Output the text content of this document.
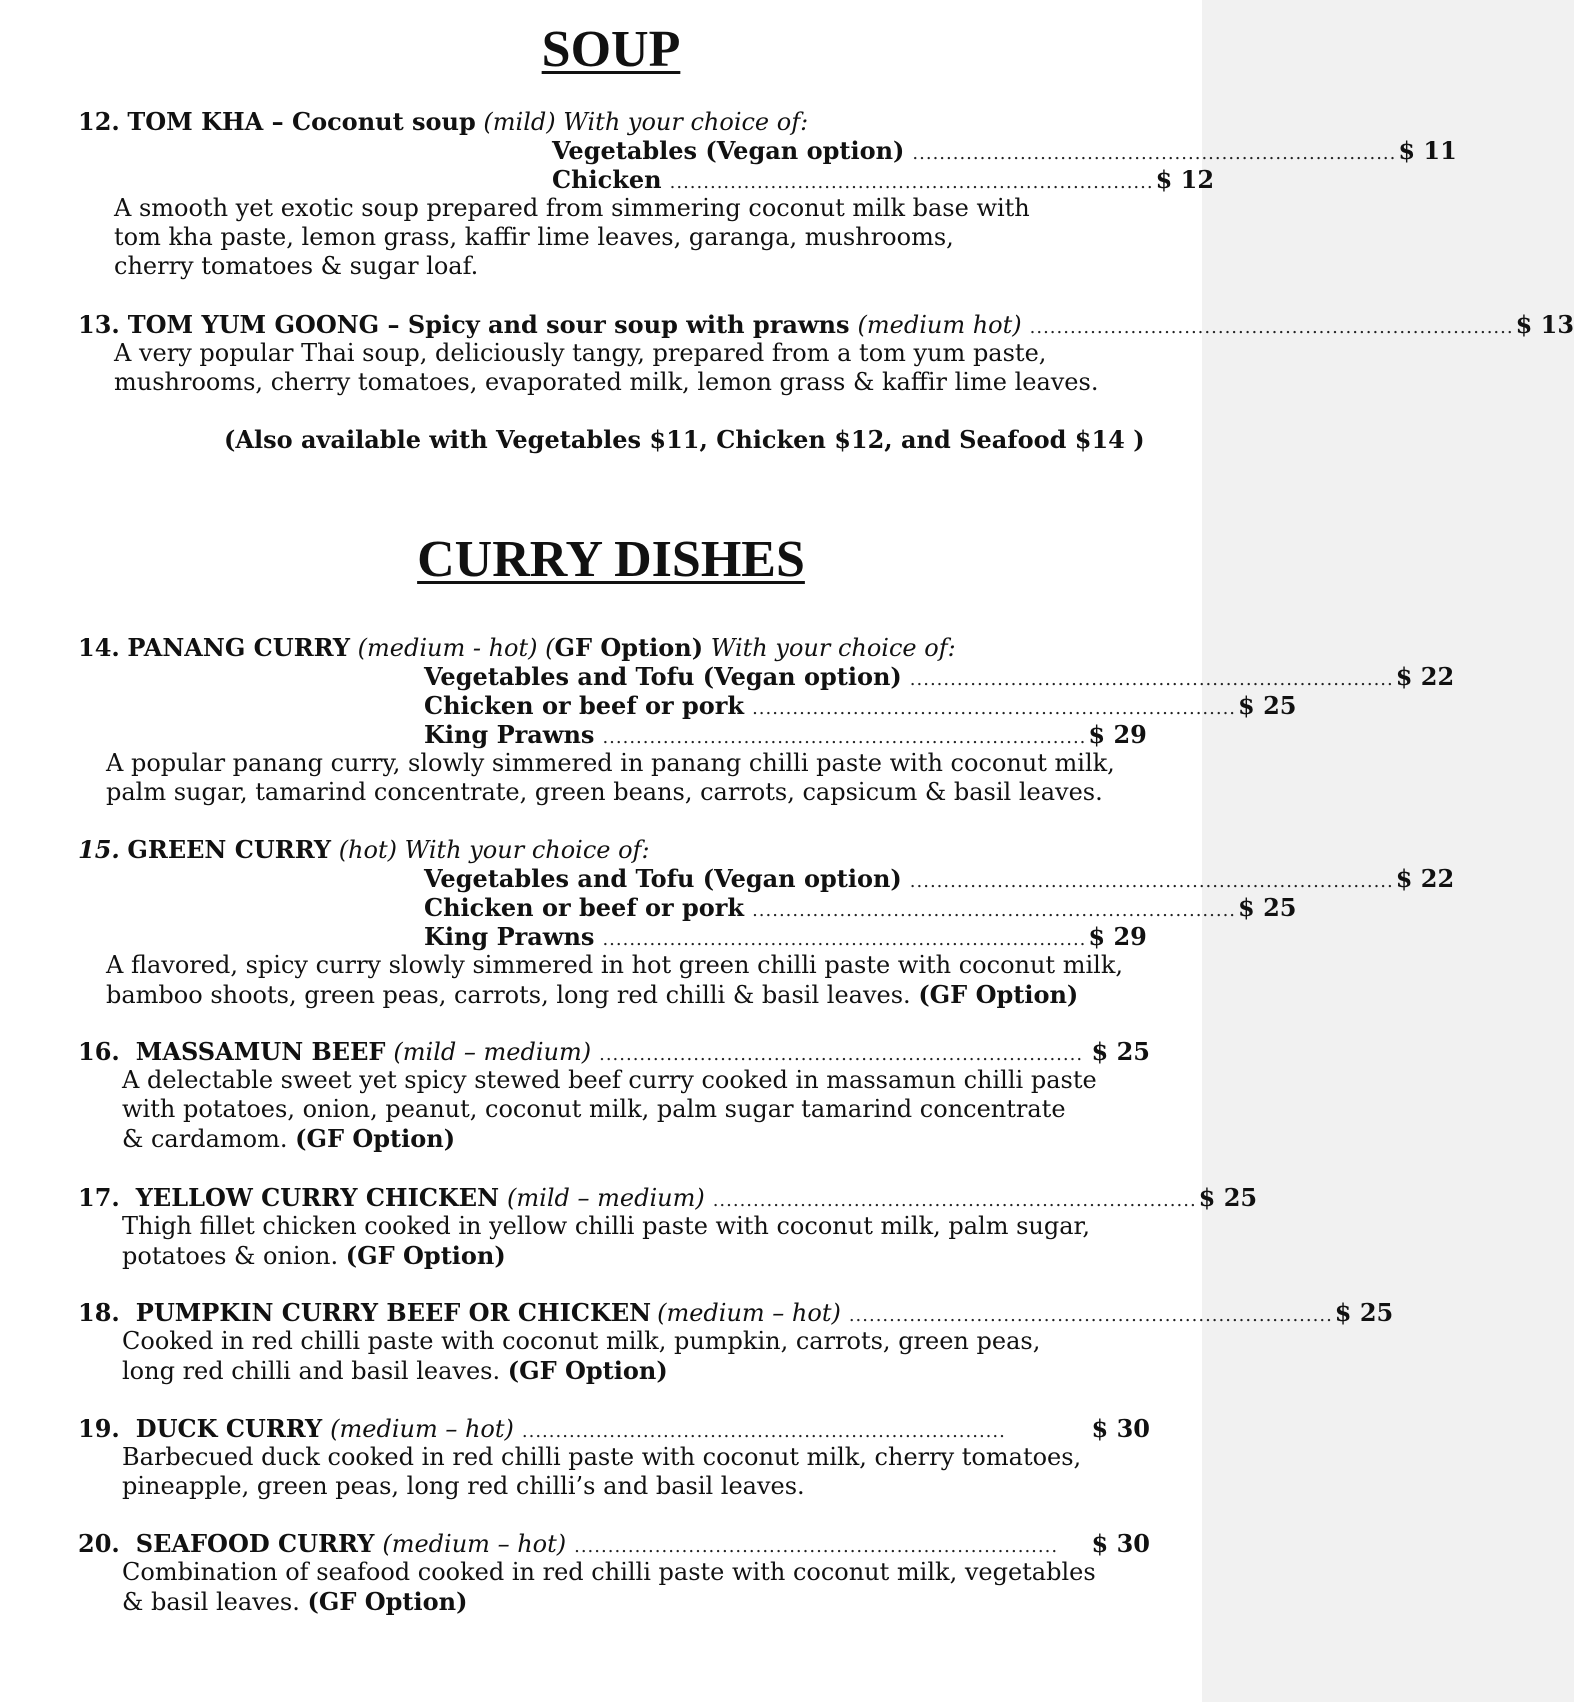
SOUP
12. TOM KHA – Coconut soup (mild) With your choice of:
Vegetables (Vegan option) ........................................................................ $ 11
Chicken ........................................................................ $ 12
A smooth yet exotic soup prepared from simmering coconut milk base with
tom kha paste, lemon grass, kaffir lime leaves, garanga, mushrooms,
cherry tomatoes & sugar loaf.
13. TOM YUM GOONG – Spicy and sour soup with prawns (medium hot) ........................................................................ $ 13
A very popular Thai soup, deliciously tangy, prepared from a tom yum paste,
mushrooms, cherry tomatoes, evaporated milk, lemon grass & kaffir lime leaves.
(Also available with Vegetables $11, Chicken $12, and Seafood $14 )
CURRY DISHES
14. PANANG CURRY (medium - hot) (GF Option) With your choice of:
Vegetables and Tofu (Vegan option) ........................................................................ $ 22
Chicken or beef or pork ........................................................................ $ 25
King Prawns ........................................................................ $ 29
A popular panang curry, slowly simmered in panang chilli paste with coconut milk,
palm sugar, tamarind concentrate, green beans, carrots, capsicum & basil leaves.
15. GREEN CURRY (hot) With your choice of:
Vegetables and Tofu (Vegan option) ........................................................................ $ 22
Chicken or beef or pork ........................................................................ $ 25
King Prawns ........................................................................ $ 29
A flavored, spicy curry slowly simmered in hot green chilli paste with coconut milk,
bamboo shoots, green peas, carrots, long red chilli & basil leaves. (GF Option)
16. MASSAMUN BEEF (mild – medium) ........................................................................ $ 25
A delectable sweet yet spicy stewed beef curry cooked in massamun chilli paste
with potatoes, onion, peanut, coconut milk, palm sugar tamarind concentrate
& cardamom. (GF Option)
17. YELLOW CURRY CHICKEN (mild – medium) ........................................................................ $ 25
Thigh fillet chicken cooked in yellow chilli paste with coconut milk, palm sugar,
potatoes & onion. (GF Option)
18. PUMPKIN CURRY BEEF OR CHICKEN (medium – hot) ........................................................................ $ 25
Cooked in red chilli paste with coconut milk, pumpkin, carrots, green peas,
long red chilli and basil leaves. (GF Option)
19. DUCK CURRY (medium – hot) ........................................................................	$ 30
Barbecued duck cooked in red chilli paste with coconut milk, cherry tomatoes,
pineapple, green peas, long red chilli’s and basil leaves.
20. SEAFOOD CURRY (medium – hot) ........................................................................	$ 30
Combination of seafood cooked in red chilli paste with coconut milk, vegetables
& basil leaves. (GF Option)
